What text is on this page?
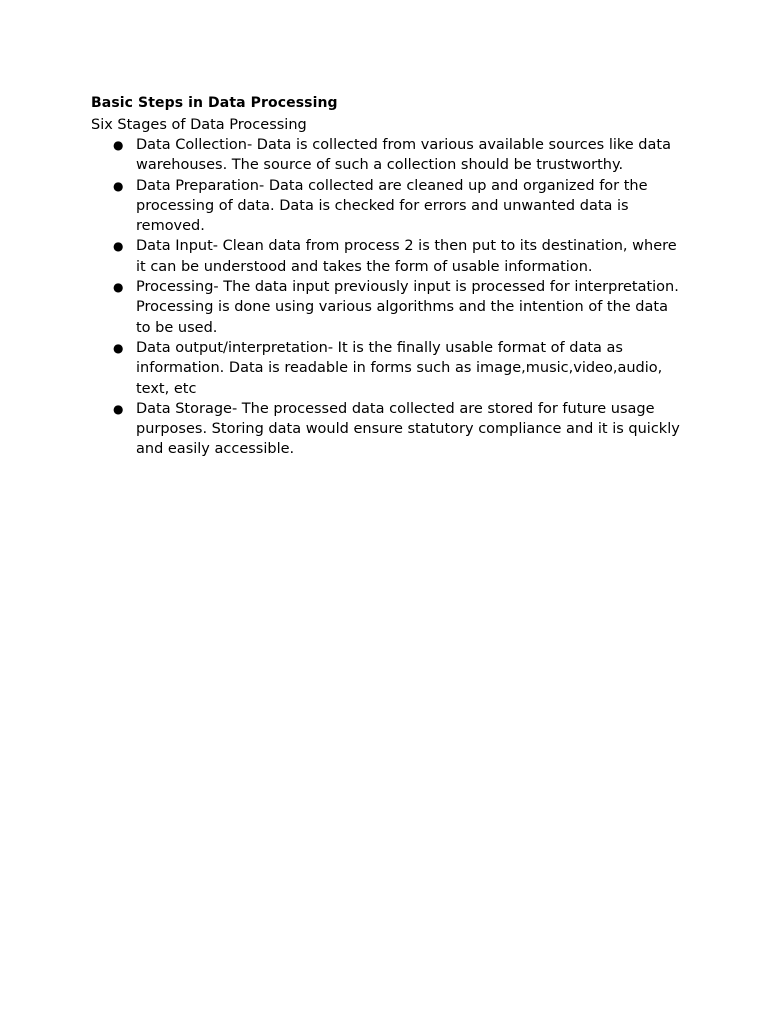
Basic Steps in Data Processing

Six Stages of Data Processing

● Data Collection- Data is collected from various available sources like data warehouses. The source of such a collection should be trustworthy.
● Data Preparation- Data collected are cleaned up and organized for the processing of data. Data is checked for errors and unwanted data is removed.
● Data Input- Clean data from process 2 is then put to its destination, where it can be understood and takes the form of usable information.
● Processing- The data input previously input is processed for interpretation. Processing is done using various algorithms and the intention of the data to be used.
● Data output/interpretation- It is the finally usable format of data as information. Data is readable in forms such as image,music,video,audio, text, etc
● Data Storage- The processed data collected are stored for future usage purposes. Storing data would ensure statutory compliance and it is quickly and easily accessible.
